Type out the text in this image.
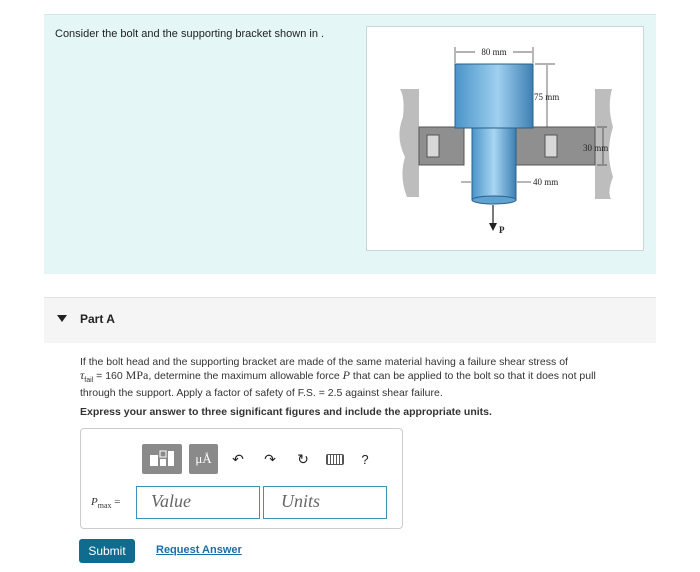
Consider the bolt and the supporting bracket shown in .
80 mm
75 mm
30 mm
40 mm
P
Part A
If the bolt head and the supporting bracket are made of the same material having a failure shear stress of
$\tau_{fail} = 160$ MPa, determine the maximum allowable force P that can be applied to the bolt so that it does not pull
through the support. Apply a factor of safety of F.S. = 2.5 against shear failure.
Express your answer to three significant figures and include the appropriate units.
μÅ	↶	↷	↻	?
$P_{max}$ =	Value	Units
Submit	Request Answer
